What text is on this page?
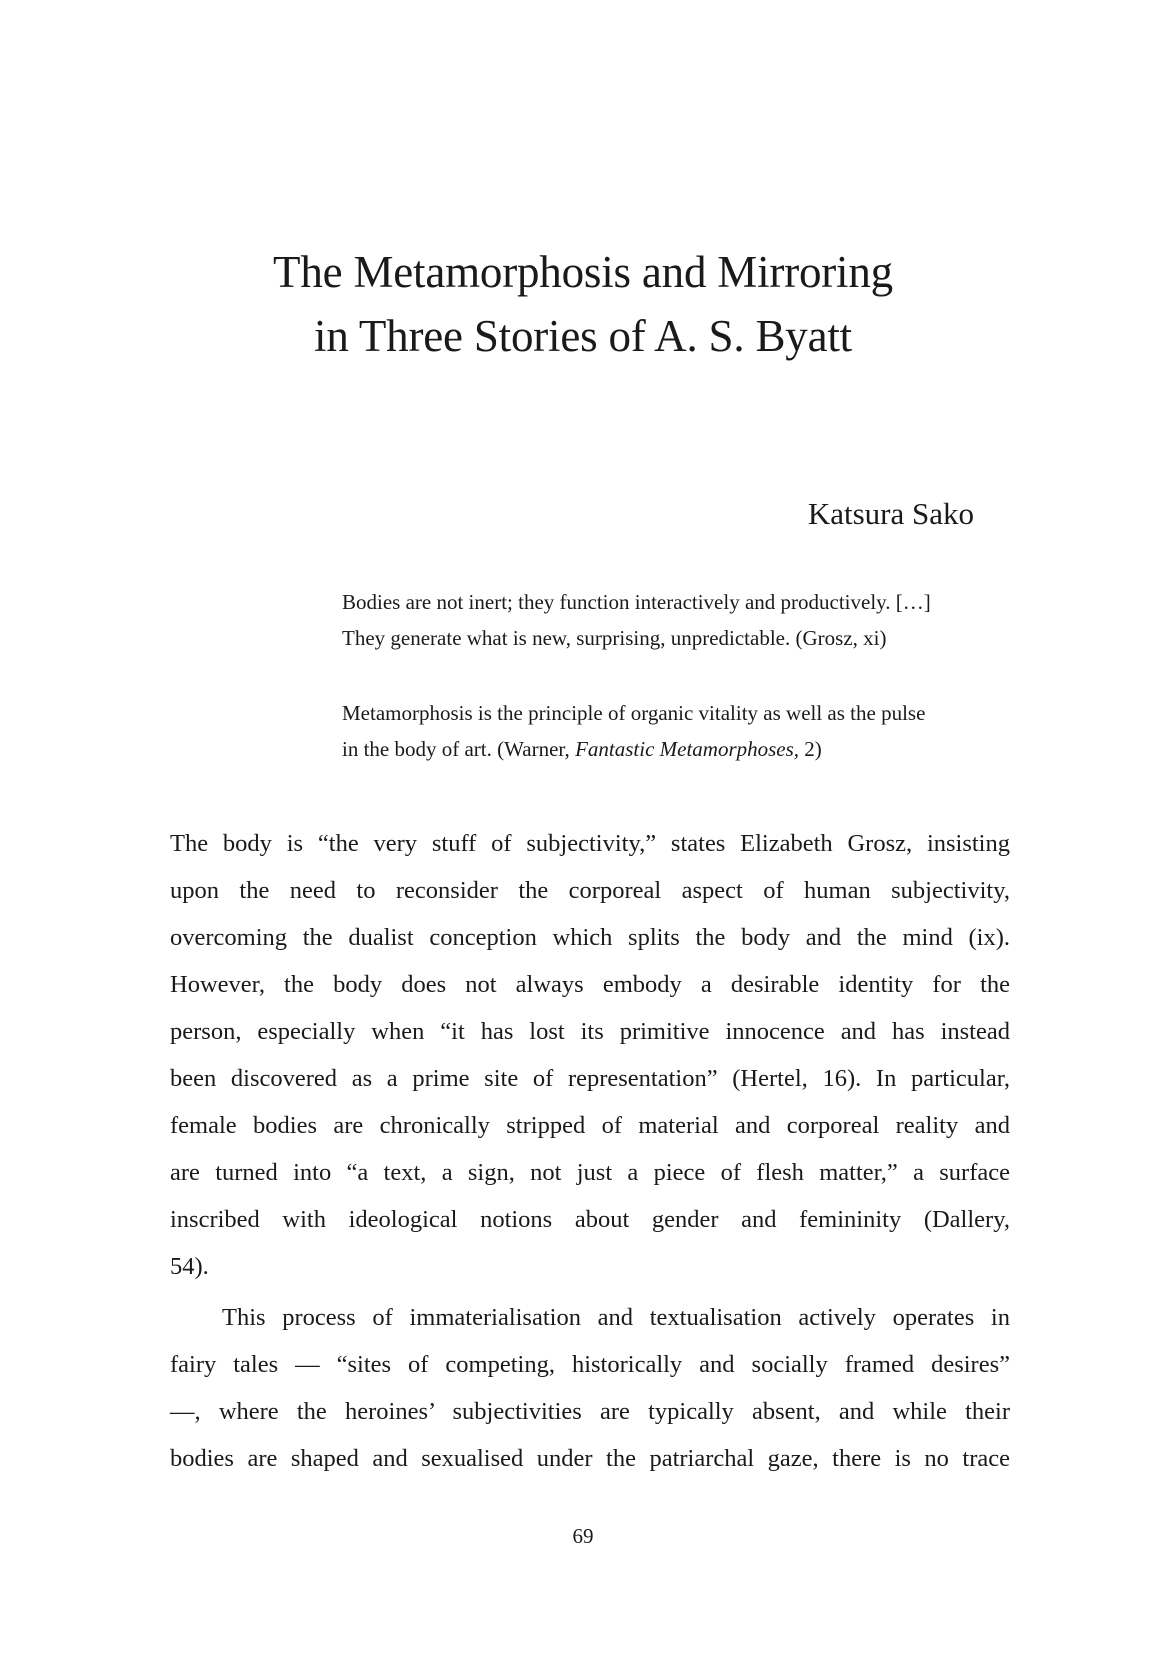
The Metamorphosis and Mirroring
in Three Stories of A. S. Byatt
Katsura Sako
Bodies are not inert; they function interactively and productively. […]
They generate what is new, surprising, unpredictable. (Grosz, xi)
Metamorphosis is the principle of organic vitality as well as the pulse
in the body of art. (Warner, Fantastic Metamorphoses, 2)
The body is “the very stuff of subjectivity,” states Elizabeth Grosz, insisting
upon the need to reconsider the corporeal aspect of human subjectivity,
overcoming the dualist conception which splits the body and the mind (ix).
However, the body does not always embody a desirable identity for the
person, especially when “it has lost its primitive innocence and has instead
been discovered as a prime site of representation” (Hertel, 16). In particular,
female bodies are chronically stripped of material and corporeal reality and
are turned into “a text, a sign, not just a piece of flesh matter,” a surface
inscribed with ideological notions about gender and femininity (Dallery,
54).
This process of immaterialisation and textualisation actively operates in
fairy tales — “sites of competing, historically and socially framed desires”
—, where the heroines’ subjectivities are typically absent, and while their
bodies are shaped and sexualised under the patriarchal gaze, there is no trace
69
